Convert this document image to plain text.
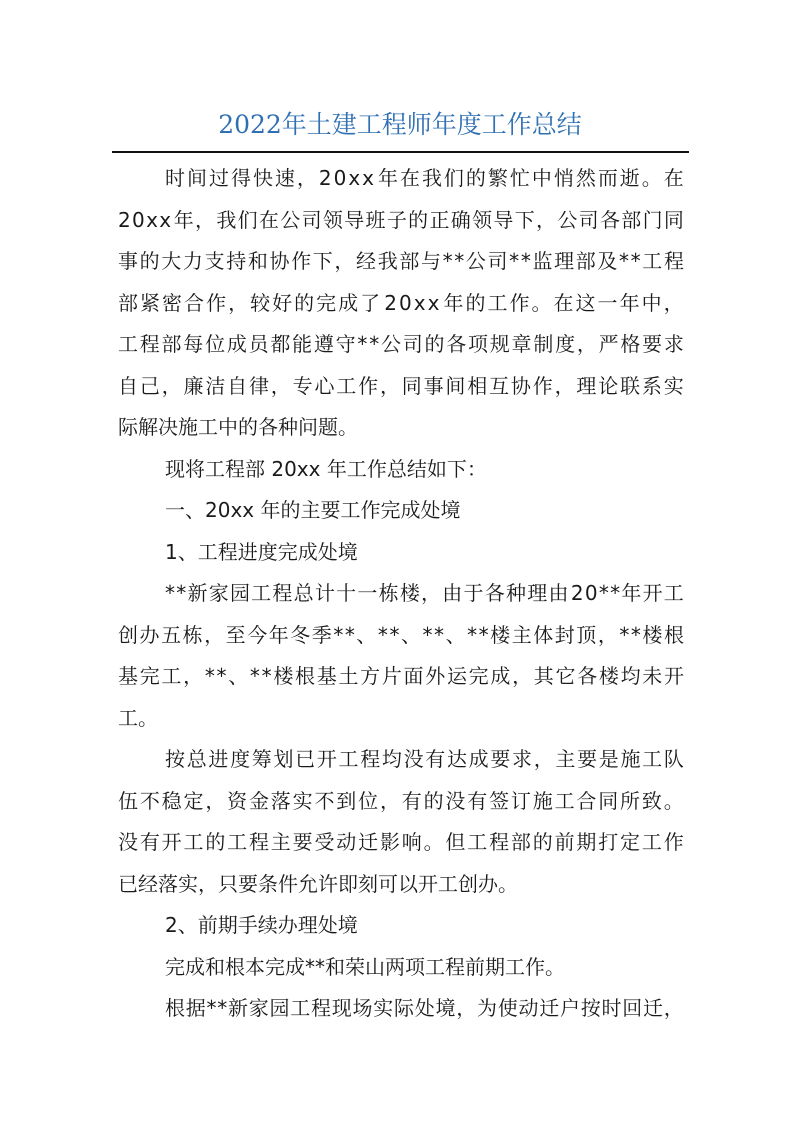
2022年土建工程师年度工作总结
时 间 过 得 快 速 ， 2 0 x x 年 在 我 们 的 繁 忙 中 悄 然 而 逝 。 在
2 0 x x 年 ， 我 们 在 公 司 领 导 班 子 的 正 确 领 导 下 ， 公 司 各 部 门 同
事 的 大 力 支 持 和 协 作 下 ， 经 我 部 与 * * 公 司 * * 监 理 部 及 * * 工 程
部 紧 密 合 作 ， 较 好 的 完 成 了 2 0 x x 年 的 工 作 。 在 这 一 年 中 ，
工 程 部 每 位 成 员 都 能 遵 守 * * 公 司 的 各 项 规 章 制 度 ， 严 格 要 求
自 己 ， 廉 洁 自 律 ， 专 心 工 作 ， 同 事 间 相 互 协 作 ， 理 论 联 系 实
际解决施工中的各种问题。
现将工程部 20xx 年工作总结如下：
一、20xx 年的主要工作完成处境
1、工程进度完成处境
* * 新 家 园 工 程 总 计 十 一 栋 楼 ， 由 于 各 种 理 由 2 0 * * 年 开 工
创 办 五 栋 ， 至 今 年 冬 季 * * 、 * * 、 * * 、 * * 楼 主 体 封 顶 ， * * 楼 根
基 完 工 ， * * 、 * * 楼 根 基 土 方 片 面 外 运 完 成 ， 其 它 各 楼 均 未 开
工。
按 总 进 度 筹 划 已 开 工 程 均 没 有 达 成 要 求 ， 主 要 是 施 工 队
伍 不 稳 定 ， 资 金 落 实 不 到 位 ， 有 的 没 有 签 订 施 工 合 同 所 致 。
没 有 开 工 的 工 程 主 要 受 动 迁 影 响 。 但 工 程 部 的 前 期 打 定 工 作
已经落实，只要条件允许即刻可以开工创办。
2、前期手续办理处境
完成和根本完成**和荣山两项工程前期工作。
根 据 * * 新 家 园 工 程 现 场 实 际 处 境 ， 为 使 动 迁 户 按 时 回 迁 ，
